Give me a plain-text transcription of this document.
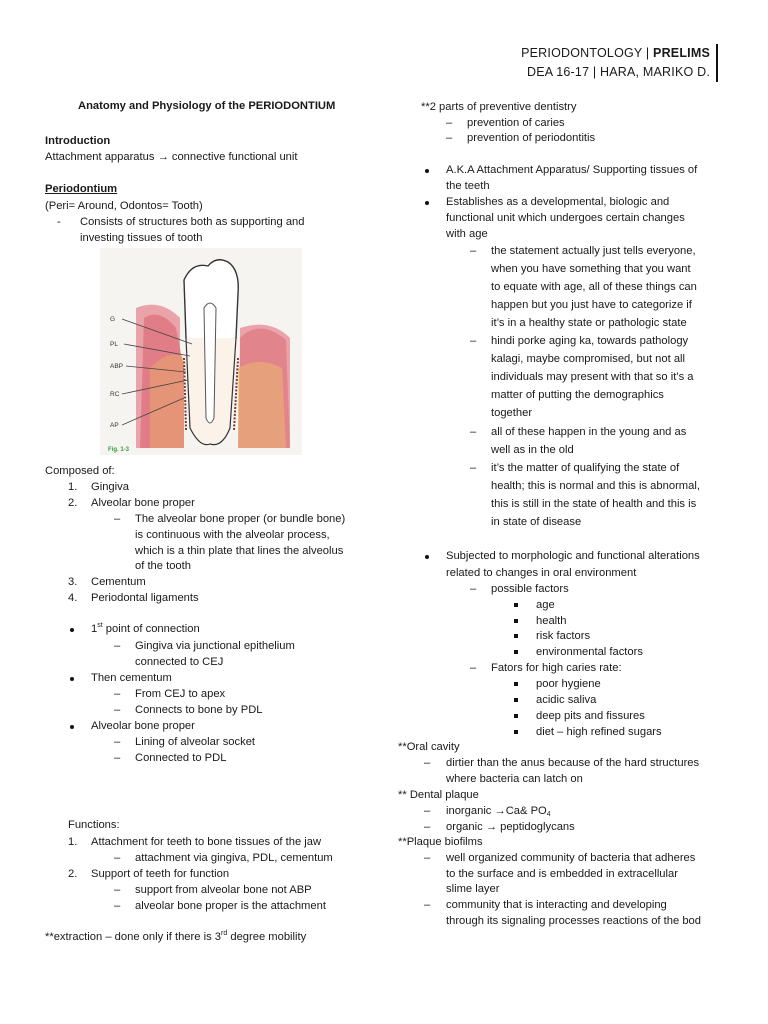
PERIODONTOLOGY | PRELIMS
DEA 16-17 | HARA, MARIKO D.
Anatomy and Physiology of the PERIODONTIUM
Introduction
Attachment apparatus → connective functional unit
Periodontium
(Peri= Around, Odontos= Tooth)
- Consists of structures both as supporting and
investing tissues of tooth
G
PL
ABP
RC
AP
Fig. 1-3
Composed of:
1. Gingiva
2. Alveolar bone proper
– The alveolar bone proper (or bundle bone)
is continuous with the alveolar process,
which is a thin plate that lines the alveolus
of the tooth
3. Cementum
4. Periodontal ligaments
1st point of connection
– Gingiva via junctional epithelium
connected to CEJ
Then cementum
– From CEJ to apex
– Connects to bone by PDL
Alveolar bone proper
– Lining of alveolar socket
– Connected to PDL
Functions:
1. Attachment for teeth to bone tissues of the jaw
– attachment via gingiva, PDL, cementum
2. Support of teeth for function
– support from alveolar bone not ABP
– alveolar bone proper is the attachment
**extraction – done only if there is 3rd degree mobility
**2 parts of preventive dentistry
– prevention of caries
– prevention of periodontitis
A.K.A Attachment Apparatus/ Supporting tissues of
the teeth
Establishes as a developmental, biologic and
functional unit which undergoes certain changes
with age
– the statement actually just tells everyone,
when you have something that you want
to equate with age, all of these things can
happen but you just have to categorize if
it’s in a healthy state or pathologic state
– hindi porke aging ka, towards pathology
kalagi, maybe compromised, but not all
individuals may present with that so it’s a
matter of putting the demographics
together
– all of these happen in the young and as
well as in the old
– it’s the matter of qualifying the state of
health; this is normal and this is abnormal,
this is still in the state of health and this is
in state of disease
Subjected to morphologic and functional alterations
related to changes in oral environment
– possible factors
age
health
risk factors
environmental factors
– Fators for high caries rate:
poor hygiene
acidic saliva
deep pits and fissures
diet – high refined sugars
**Oral cavity
– dirtier than the anus because of the hard structures
where bacteria can latch on
** Dental plaque
– inorganic →Ca& $PO_4$
– organic → peptidoglycans
**Plaque biofilms
– well organized community of bacteria that adheres
to the surface and is embedded in extracellular
slime layer
– community that is interacting and developing
through its signaling processes reactions of the bod
